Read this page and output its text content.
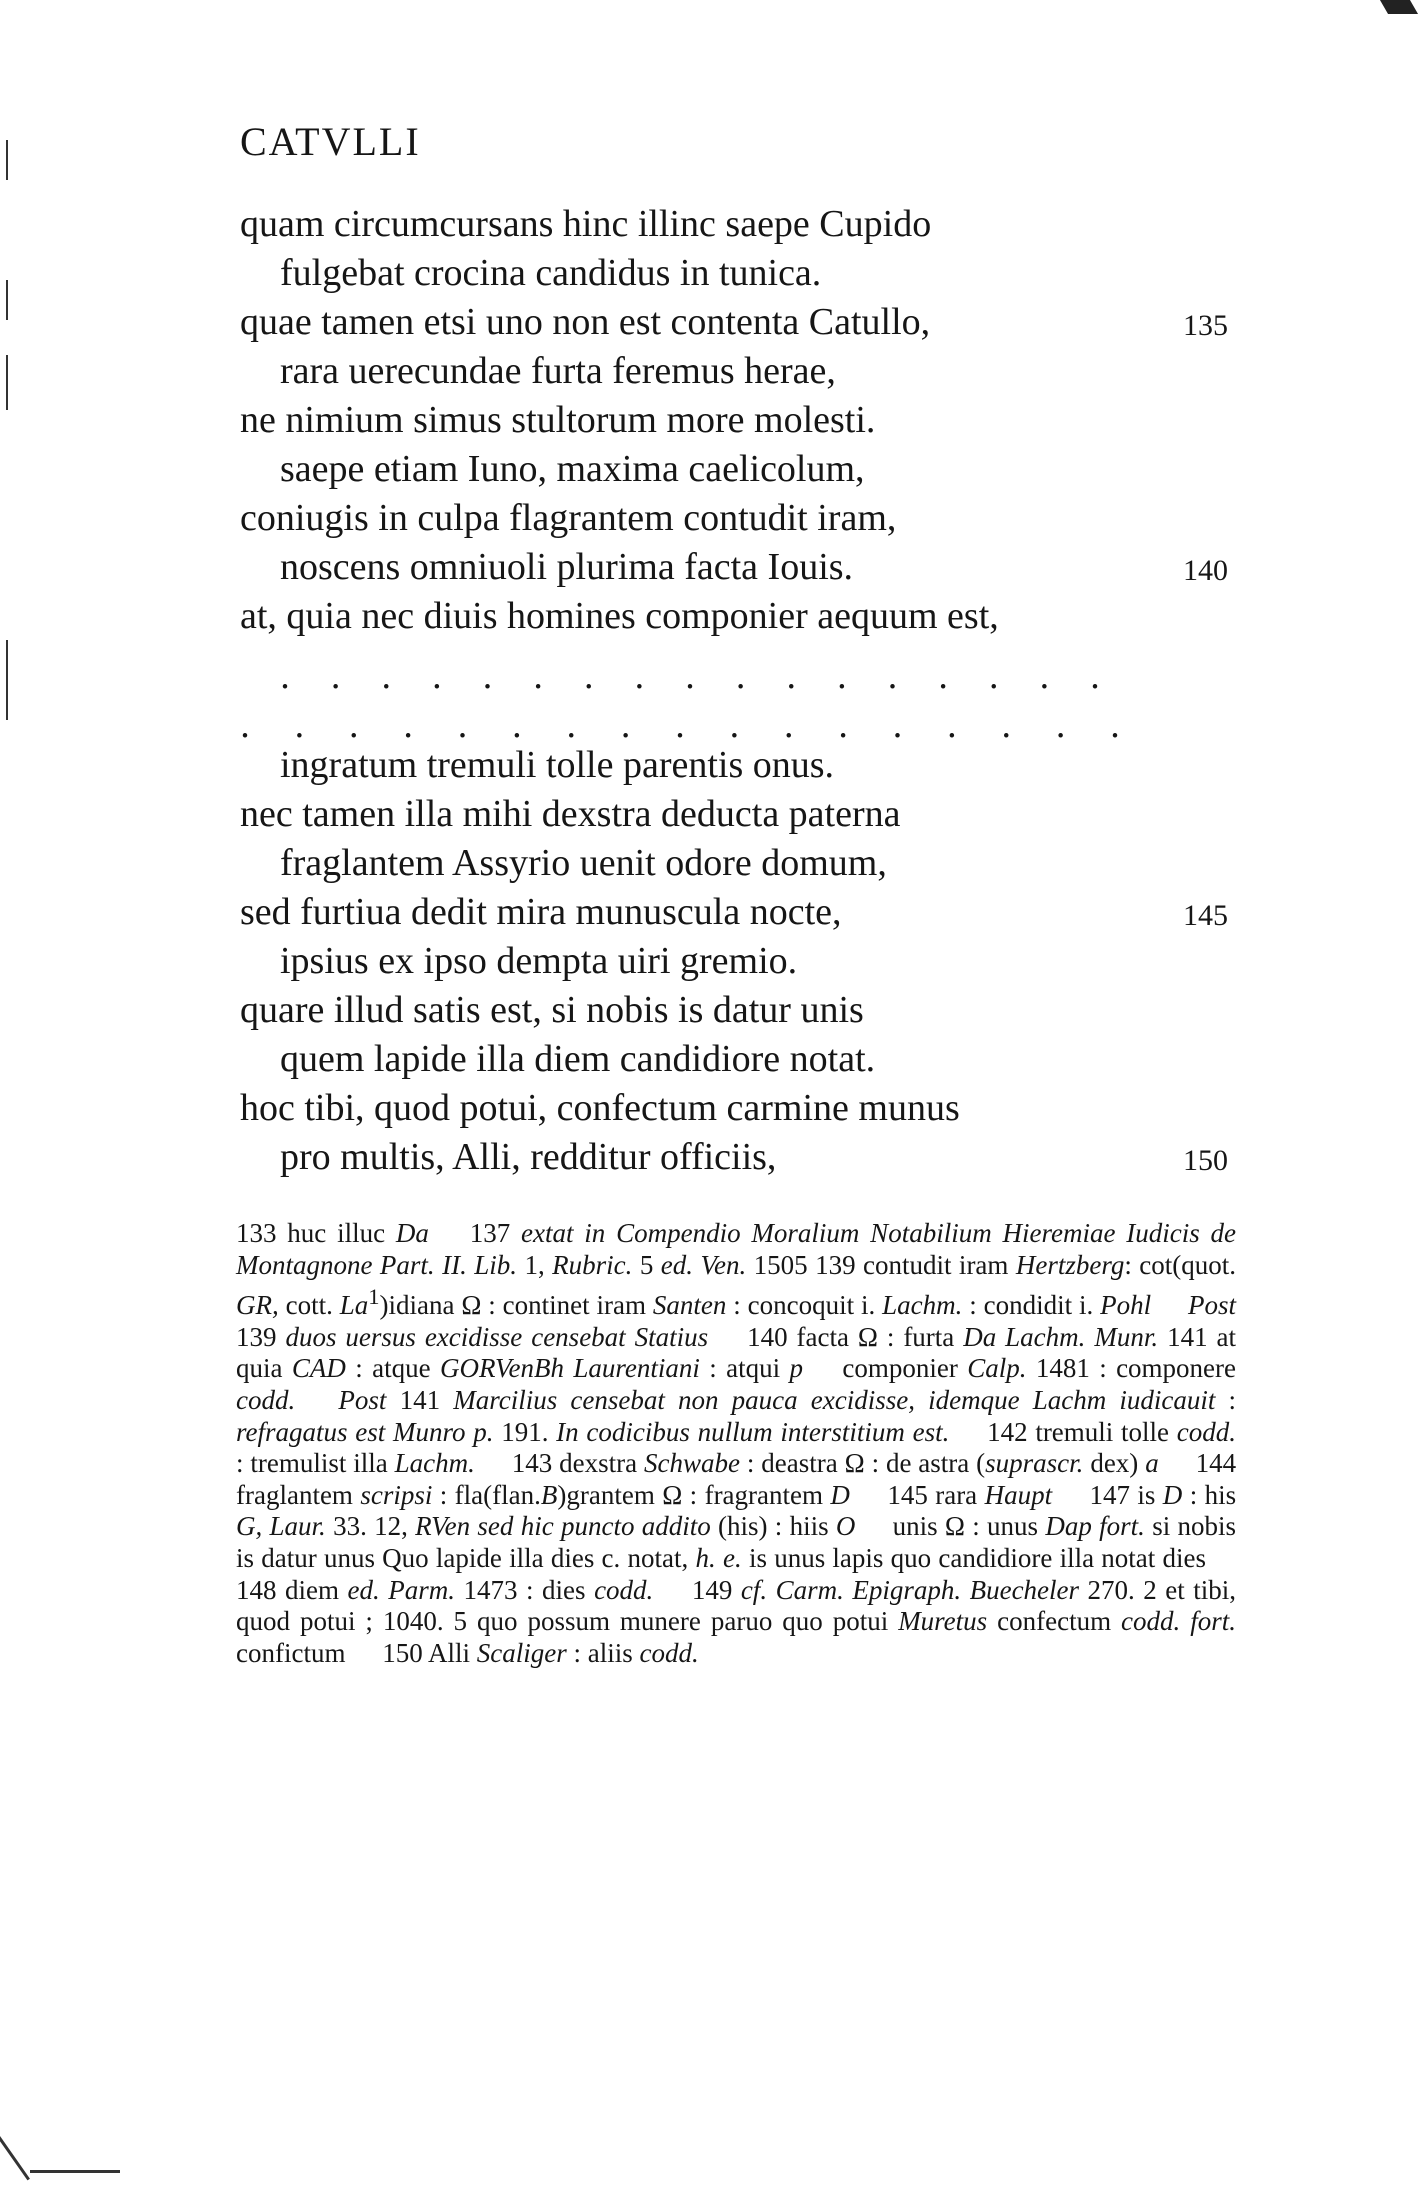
CATVLLI
quam circumcursans hinc illinc saepe Cupido
fulgebat crocina candidus in tunica.
quae tamen etsi uno non est contenta Catullo,
rara uerecundae furta feremus herae,
ne nimium simus stultorum more molesti.
saepe etiam Iuno, maxima caelicolum,
coniugis in culpa flagrantem contudit iram,
noscens omniuoli plurima facta Iouis.
at, quia nec diuis homines componier aequum est,
. . . . . . . . . . . . . . . . .
. . . . . . . . . . . . . . . . .
ingratum tremuli tolle parentis onus.
nec tamen illa mihi dexstra deducta paterna
fraglantem Assyrio uenit odore domum,
sed furtiua dedit mira munuscula nocte,
ipsius ex ipso dempta uiri gremio.
quare illud satis est, si nobis is datur unis
quem lapide illa diem candidiore notat.
hoc tibi, quod potui, confectum carmine munus
pro multis, Alli, redditur officiis,
135
140
145
150

133 huc illuc Da 137 extat in Compendio Moralium Notabilium Hieremiae Iudicis de Montagnone Part. II. Lib. 1, Rubric. 5 ed. Ven. 1505 139 contudit iram Hertzberg: cot(quot. GR, cott. La$^1$)idiana Ω : continet iram Santen : concoquit i. Lachm. : condidit i. Pohl Post 139 duos uersus excidisse censebat Statius 140 facta Ω : furta Da Lachm. Munr. 141 at quia CAD : atque GORVenBh Laurentiani : atqui p componier Calp. 1481 : componere codd. Post 141 Marcilius censebat non pauca excidisse, idemque Lachm iudicauit : refragatus est Munro p. 191. In codicibus nullum interstitium est. 142 tremuli tolle codd. : tremulist illa Lachm. 143 dexstra Schwabe : deastra Ω : de astra (suprascr. dex) a 144 fraglantem scripsi : fla(flan.B)grantem Ω : fragrantem D 145 rara Haupt 147 is D : his G, Laur. 33. 12, RVen sed hic puncto addito (his) : hiis O unis Ω : unus Dap fort. si nobis is datur unus Quo lapide illa dies c. notat, h. e. is unus lapis quo candidiore illa notat dies 148 diem ed. Parm. 1473 : dies codd. 149 cf. Carm. Epigraph. Buecheler 270. 2 et tibi, quod potui ; 1040. 5 quo possum munere paruo quo potui Muretus confectum codd. fort. confictum 150 Alli Scaliger : aliis codd.
